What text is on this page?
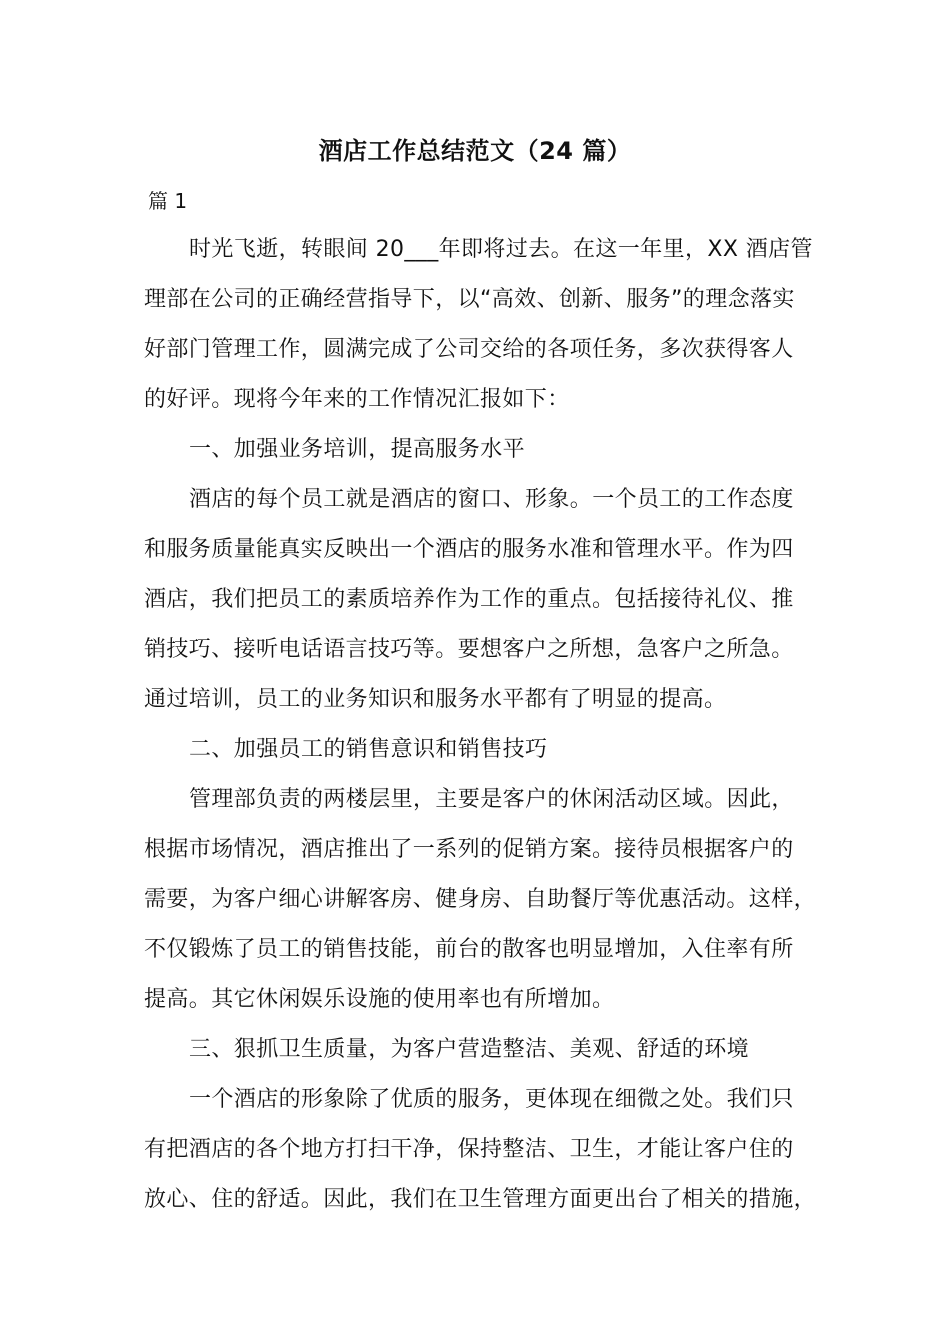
酒店工作总结范文（24 篇）
篇 1
时光飞逝，转眼间 20___年即将过去。在这一年里，XX 酒店管
理部在公司的正确经营指导下，以“高效、创新、服务”的理念落实
好部门管理工作，圆满完成了公司交给的各项任务，多次获得客人
的好评。现将今年来的工作情况汇报如下：
一、加强业务培训，提高服务水平
酒店的每个员工就是酒店的窗口、形象。一个员工的工作态度
和服务质量能真实反映出一个酒店的服务水准和管理水平。作为四
酒店，我们把员工的素质培养作为工作的重点。包括接待礼仪、推
销技巧、接听电话语言技巧等。要想客户之所想，急客户之所急。
通过培训，员工的业务知识和服务水平都有了明显的提高。
二、加强员工的销售意识和销售技巧
管理部负责的两楼层里，主要是客户的休闲活动区域。因此，
根据市场情况，酒店推出了一系列的促销方案。接待员根据客户的
需要，为客户细心讲解客房、健身房、自助餐厅等优惠活动。这样，
不仅锻炼了员工的销售技能，前台的散客也明显增加，入住率有所
提高。其它休闲娱乐设施的使用率也有所增加。
三、狠抓卫生质量，为客户营造整洁、美观、舒适的环境
一个酒店的形象除了优质的服务，更体现在细微之处。我们只
有把酒店的各个地方打扫干净，保持整洁、卫生，才能让客户住的
放心、住的舒适。因此，我们在卫生管理方面更出台了相关的措施，
